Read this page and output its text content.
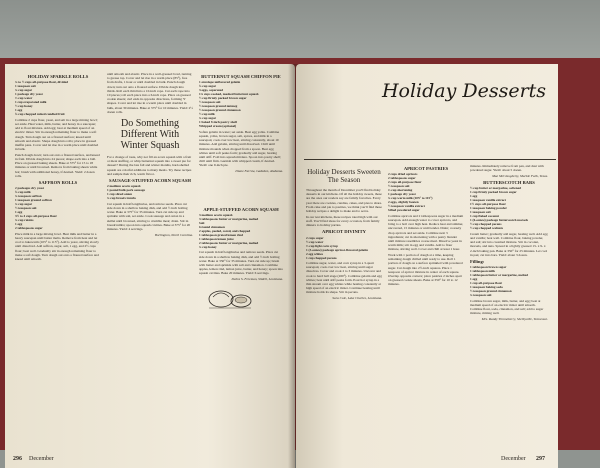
HOLIDAY SPARKLE ROLLS

¼ to ½ cups all-purpose flour, divided
1 teaspoon salt
¼ cup sugar
1 package dry yeast
⅓ cup water
1 cup evaporated milk
½ cup honey
1 egg
¾ cup chopped mixed candied fruit

Combine 2 cups flour, yeast, and salt in a large mixing bowl; set aside. Heat water, milk, butter, and honey in a saucepan; add to flour mixture. Add egg; beat at medium speed of an electric mixer. Stir in enough remaining flour to make a soft dough. Turn dough out on a floured surface; knead until smooth and elastic. Shape dough into rolls; place in greased muffin pans. Cover and let rise in a warm place until doubled in bulk.

Punch dough down; turn out onto a floured surface, and knead in fruit. Divide dough into 24 pieces; shape each into a ball. Place on greased baking sheets. Bake at 375° for 15 to 18 minutes or until browned. Remove from baking sheets while hot; brush with additional honey, if desired. Yield: 2 dozen rolls.

SAFFRON ROLLS

2 packages dry yeast
¾ cup milk
¼ teaspoon saffron
1 teaspoon ground saffron
¼ cup sugar
½ teaspoon salt
1 egg
3½ to 4 cups all-purpose flour
¼ cup raisins
1 egg
2 tablespoons sugar

Place milk in a large mixing bowl. Heat milk and butter in a heavy saucepan until butter melts. Remove from heat and let cool to lukewarm (105° to 115°). Add to yeast, stirring slowly until dissolved. Add saffron, sugar, salt, 1 egg, and 2½ cups flour; beat well. Gradually stir in enough remaining flour to make a soft dough. Turn dough out onto a floured surface and knead until smooth.

until smooth and elastic. Place in a well-greased bowl, turning to grease top. Cover and let rise in a warm place (85°), free from drafts, 1 hour or until doubled in bulk. Punch dough down; turn out onto a floured surface. Divide dough into thirds. Roll each third into a 10-inch rope. Cut each rope into 10 pieces; roll each piece into a 6-inch rope. Place on greased cookie sheets; curl ends in opposite directions, forming 'S' shapes. Cover and let rise in a warm place until doubled in bulk, about 30 minutes. Bake at 375° for 10 minutes. Yield: 2½ dozen rolls.

Do Something Different With Winter Squash

For a change of taste, why not fill an acorn squash with a fruit or meat stuffing, or whip butternut squash into a sweet pie for dessert? During the late fall and winter months, hard-shelled squash are colorful additions to many meals. Try these recipes and sample their rich, warm flavor.

SAUSAGE-STUFFED ACORN SQUASH

2 medium acorn squash
1 pound bulk pork sausage
1 cup sliced onion
¼ cup bread crumbs

Cut squash in half lengthwise, and remove seeds. Place cut side down in a shallow baking dish, and add ½ inch boiling water. Bake at 375° for 35 minutes. Turn cut side up and sprinkle with salt, set aside. Cook sausage and onion in a skillet until browned, stirring to crumble meat; drain. Stir in breadcrumbs; spoon into squash cavities. Bake at 375° for 20 minutes. Yield: 4 servings.

Burlington, North Carolina.

BUTTERNUT SQUASH CHIFFON PIE

1 envelope unflavored gelatin
¾ cup sugar
3 eggs, separated
1¼ cups cooked, mashed butternut squash
½ cup firmly packed brown sugar
½ teaspoon salt
½ teaspoon ground nutmeg
½ teaspoon ground cinnamon
½ cup milk
¼ cup sugar
1 baked 9-inch pastry shell
Whipped cream (optional)

Soften gelatin in water; set aside. Beat egg yolks. Combine squash, yolks, brown sugar, salt, spices, and milk in a saucepan; cook over low heat, stirring constantly, about 10 minutes. Add gelatin, stirring until dissolved. Chill until mixture mounds when dropped from a spoon. Beat egg whites until soft peaks form; gradually add sugar, beating until stiff. Fold into squash mixture. Spoon into pastry shell; chill until firm. Garnish with whipped cream, if desired. Yield: one 9-inch pie.

Diane Farrow, Gadsden, Alabama.

APPLE-STUFFED ACORN SQUASH

3 medium acorn squash
3 tablespoons butter or margarine, melted
Salt
Ground cinnamon
2 apples, peeled, cored, and chopped
1 tablespoon grated lemon rind
1 tablespoon lemon juice
2 tablespoons butter or margarine, melted
¼ cup honey

Cut squash in half lengthwise and remove seeds. Place cut side down in a shallow baking dish, and add ½ inch boiling water. Bake at 350° for 35 minutes. Turn cut side up; brush with butter and sprinkle with salt and cinnamon. Combine apples, lemon rind, lemon juice, butter, and honey; spoon into squash cavities. Bake 20 minutes. Yield: 6 servings.

Debra S. Freeman, Slidell, Louisiana.

296 December
Holiday Desserts
Holiday Desserts Sweeten The Season

Throughout the month of December you'll find holiday desserts in our kitchens. Of all the holiday sweets, these are the ones our readers say are family favorites. Every year there are cookies, candies, cakes, and pies to share. From cake and pie to pastries, we think you'll find these holiday recipes a delight to make and to serve.

In our test kitchens, these recipes rated high with our staff. You'll find ideas for every occasion, from family dinners to holiday parties.

APRICOT DIVINITY

2 cups sugar
½ cup water
⅓ cup light corn syrup
1 (3-ounce) package apricot-flavored gelatin
2 egg whites
1 cup chopped pecans

Combine sugar, water, and corn syrup in a 3-quart saucepan; cook over low heat, stirring until sugar dissolves. Cover and cook 2 to 3 minutes. Uncover and cook to hard ball stage (260°). Combine gelatin and egg whites; beat until stiff peaks form. Pour hot syrup in a thin stream over egg whites while beating constantly at high speed of an electric mixer. Continue beating until mixture holds its shape. Stir in pecans.

Sara Cole, Lake Charles, Louisiana.

APRICOT PASTRIES

2 cups dried apricots
2 tablespoons sugar
2 cups all-purpose flour
½ teaspoon salt
⅔ cup shortening
1 package dry yeast
¼ cup warm milk (105° to 115°)
2 eggs, slightly beaten
½ teaspoon vanilla extract
Sifted powdered sugar

Combine apricots and 2 tablespoons sugar in a medium saucepan. Add enough water to cover apricots, and bring to a boil over high heat. Reduce heat and simmer, uncovered, 15 minutes or until tender. Drain; coarsely chop apricots and set aside. Combine next 3 ingredients; cut in shortening with a pastry blender until mixture resembles coarse meal. Dissolve yeast in warm milk; stir in egg and vanilla. Add to flour mixture, stirring well. Cover and chill at least 1 hour.

Work with 1 portion of dough at a time, keeping remaining dough chilled until ready to use. Roll 1 portion of dough on a surface sprinkled with powdered sugar. Cut dough into 2½-inch squares. Place 1 teaspoon of apricot mixture in center of each square. Overlap opposite corners; place pastries 2 inches apart on greased cookie sheets. Bake at 350° for 10 to 12 minutes.

minutes. Immediately remove from pan, and dust with powdered sugar. Yield: about 5 dozen.

Mae McClaugherty, Marble Falls, Texas.

BUTTERSCOTCH BARS

½ cup butter or margarine, softened
1 cup firmly packed brown sugar
1 egg
1 teaspoon vanilla extract
1½ cups all-purpose flour
1 teaspoon baking powder
1 teaspoon salt
1 cup flaked coconut
1 (6-ounce) package butterscotch morsels
½ cup chopped pecans
½ cup chopped walnuts

Cream butter; gradually add sugar, beating well. Add egg and vanilla; beat well. Combine flour, baking powder, and salt; stir into creamed mixture. Stir in coconut, morsels, and nuts. Spread in a lightly greased 13- x 9- x 2-inch baking pan. Bake at 350° for 25 minutes. Let cool in pan; cut into bars. Yield: about 3 dozen.

Filling:

1 tablespoon brown sugar
1 tablespoon milk
1 tablespoon butter or margarine, melted
1 egg
1 cup all-purpose flour
1 teaspoon baking soda
½ teaspoon ground cinnamon
¼ teaspoon salt

Combine brown sugar, milk, butter, and egg; beat at medium speed of an electric mixer until smooth. Combine flour, soda, cinnamon, and salt; add to sugar mixture, mixing well.

Mrs. Randy Throneberry, Shelbyville, Tennessee.

December 297
